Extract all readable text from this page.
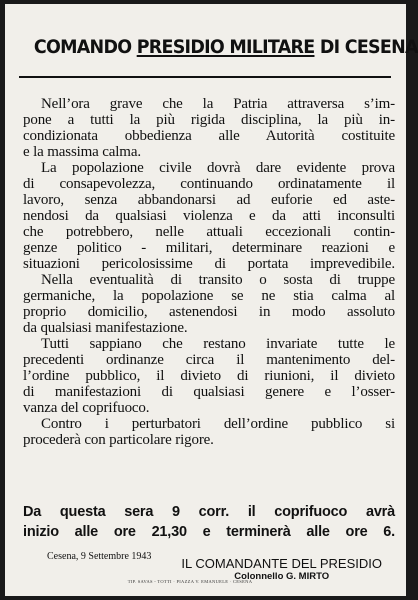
COMANDO PRESIDIO MILITARE DI CESENA
Nell’ora grave che la Patria attraversa s’im-
pone a tutti la più rigida disciplina, la più in-
condizionata obbedienza alle Autorità costituite
e la massima calma.
La popolazione civile dovrà dare evidente prova
di consapevolezza, continuando ordinatamente il
lavoro, senza abbandonarsi ad euforie ed aste-
nendosi da qualsiasi violenza e da atti inconsulti
che potrebbero, nelle attuali eccezionali contin-
genze politico - militari, determinare reazioni e
situazioni pericolosissime di portata imprevedibile.
Nella eventualità di transito o sosta di truppe
germaniche, la popolazione se ne stia calma al
proprio domicilio, astenendosi in modo assoluto
da qualsiasi manifestazione.
Tutti sappiano che restano invariate tutte le
precedenti ordinanze circa il mantenimento del-
l’ordine pubblico, il divieto di riunioni, il divieto
di manifestazioni di qualsiasi genere e l’osser-
vanza del coprifuoco.
Contro i perturbatori dell’ordine pubblico si
procederà con particolare rigore.
Da questa sera 9 corr. il coprifuoco avrà
inizio alle ore 21,30 e terminerà alle ore 6.
Cesena, 9 Settembre 1943 IL COMANDANTE DEL PRESIDIO
Colonnello G. MIRTO
TIP. SAVAS - TOTTI · PIAZZA V. EMANUELE · CESENA
